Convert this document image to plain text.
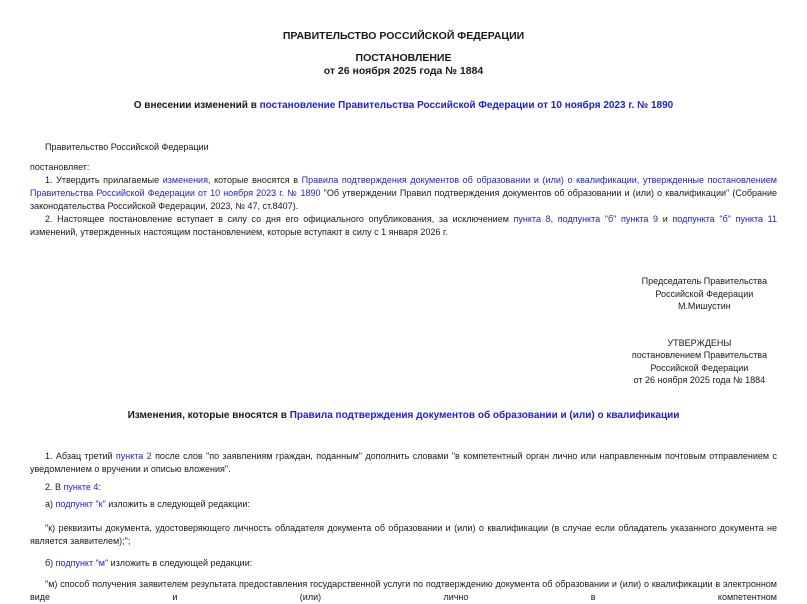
ПРАВИТЕЛЬСТВО РОССИЙСКОЙ ФЕДЕРАЦИИ
ПОСТАНОВЛЕНИЕ
от 26 ноября 2025 года № 1884
О внесении изменений в постановление Правительства Российской Федерации от 10 ноября 2023 г. № 1890

Правительство Российской Федерации

постановляет:

1. Утвердить прилагаемые изменения, которые вносятся в Правила подтверждения документов об образовании и (или) о квалификации, утвержденные постановлением Правительства Российской Федерации от 10 ноября 2023 г. № 1890 "Об утверждении Правил подтверждения документов об образовании и (или) о квалификации" (Собрание законодательства Российской Федерации, 2023, № 47, ст.8407).

2. Настоящее постановление вступает в силу со дня его официального опубликования, за исключением пункта 8, подпункта "б" пункта 9 и подпункта "б" пункта 11 изменений, утвержденных настоящим постановлением, которые вступают в силу с 1 января 2026 г.

Председатель Правительства
Российской Федерации
М.Мишустин
УТВЕРЖДЕНЫ
постановлением Правительства
Российской Федерации
от 26 ноября 2025 года № 1884
Изменения, которые вносятся в Правила подтверждения документов об образовании и (или) о квалификации

1. Абзац третий пункта 2 после слов "по заявлениям граждан, поданным" дополнить словами "в компетентный орган лично или направленным почтовым отправлением с уведомлением о вручении и описью вложения".

2. В пункте 4:

а) подпункт "к" изложить в следующей редакции:

"к) реквизиты документа, удостоверяющего личность обладателя документа об образовании и (или) о квалификации (в случае если обладатель указанного документа не является заявителем);";

б) подпункт "м" изложить в следующей редакции:

"м) способ получения заявителем результата предоставления государственной услуги по подтверждению документа об образовании и (или) о квалификации в электронном виде и (или) лично в компетентном
